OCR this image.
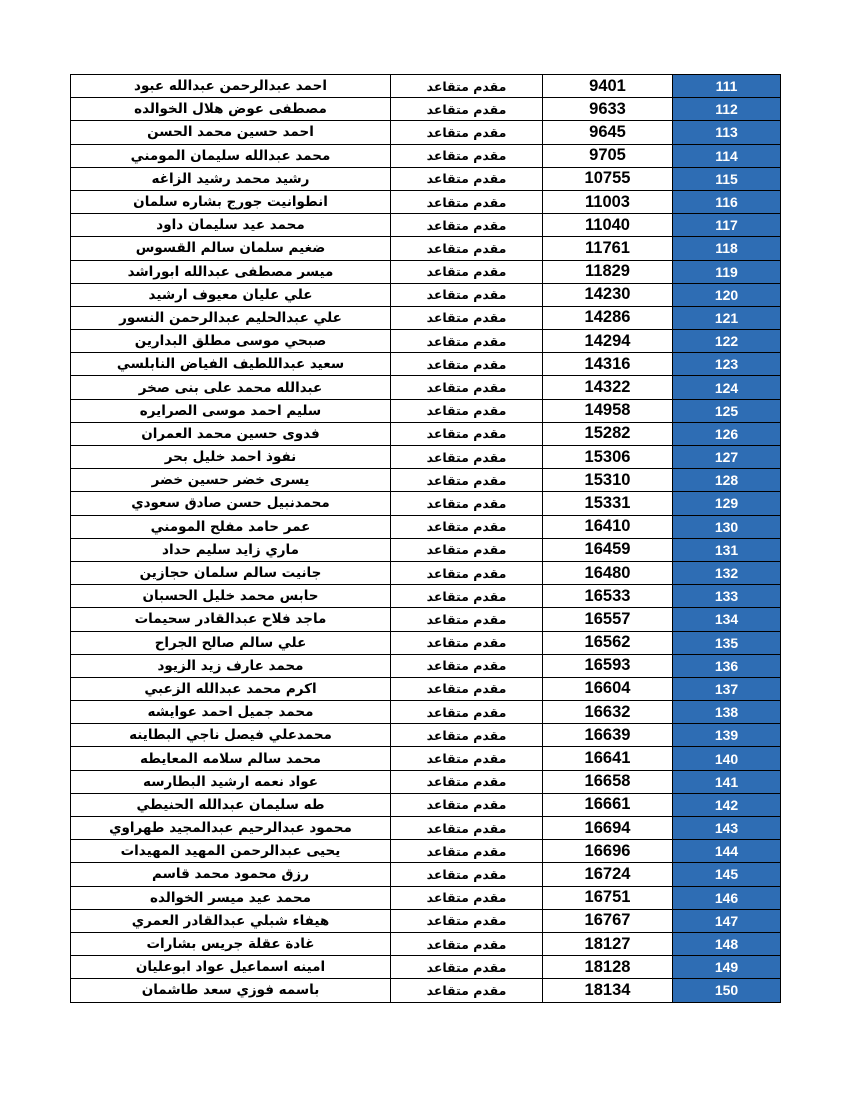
احمد عبدالرحمن عبدالله عبود	مقدم متقاعد	9401	111
مصطفى عوض هلال الخوالده	مقدم متقاعد	9633	112
احمد حسين محمد الحسن	مقدم متقاعد	9645	113
محمد عبدالله سليمان المومني	مقدم متقاعد	9705	114
رشيد محمد رشيد الزاغه	مقدم متقاعد	10755	115
انطوانيت جورج بشاره سلمان	مقدم متقاعد	11003	116
محمد عيد سليمان داود	مقدم متقاعد	11040	117
ضغيم سلمان سالم القسوس	مقدم متقاعد	11761	118
ميسر مصطفى عبدالله ابوراشد	مقدم متقاعد	11829	119
علي عليان معيوف ارشيد	مقدم متقاعد	14230	120
علي عبدالحليم عبدالرحمن النسور	مقدم متقاعد	14286	121
صبحي موسى مطلق البدارين	مقدم متقاعد	14294	122
سعيد عبداللطيف الفياض النابلسي	مقدم متقاعد	14316	123
عبدالله محمد على بنى صخر	مقدم متقاعد	14322	124
سليم احمد موسى الصرايره	مقدم متقاعد	14958	125
فدوى حسين محمد العمران	مقدم متقاعد	15282	126
نفوذ احمد خليل بحر	مقدم متقاعد	15306	127
يسرى خضر حسين خضر	مقدم متقاعد	15310	128
محمدنبيل حسن صادق سعودي	مقدم متقاعد	15331	129
عمر حامد مفلح المومني	مقدم متقاعد	16410	130
ماري زايد سليم حداد	مقدم متقاعد	16459	131
جانيت سالم سلمان حجازين	مقدم متقاعد	16480	132
حابس محمد خليل الحسبان	مقدم متقاعد	16533	133
ماجد فلاح عبدالقادر سحيمات	مقدم متقاعد	16557	134
علي سالم صالح الجراح	مقدم متقاعد	16562	135
محمد عارف زيد الزيود	مقدم متقاعد	16593	136
اكرم محمد عبدالله الزعبي	مقدم متقاعد	16604	137
محمد جميل احمد عوايشه	مقدم متقاعد	16632	138
محمدعلي فيصل ناجي البطاينه	مقدم متقاعد	16639	139
محمد سالم سلامه المعايطه	مقدم متقاعد	16641	140
عواد نعمه ارشيد البطارسه	مقدم متقاعد	16658	141
طه سليمان عبدالله الحنيطي	مقدم متقاعد	16661	142
محمود عبدالرحيم عبدالمجيد طهراوي	مقدم متقاعد	16694	143
يحيى عبدالرحمن المهيد المهيدات	مقدم متقاعد	16696	144
رزق محمود محمد قاسم	مقدم متقاعد	16724	145
محمد عيد ميسر الخوالده	مقدم متقاعد	16751	146
هيفاء شبلي عبدالقادر العمري	مقدم متقاعد	16767	147
غادة عقلة جريس بشارات	مقدم متقاعد	18127	148
امينه اسماعيل عواد ابوعليان	مقدم متقاعد	18128	149
باسمه فوزي سعد طاشمان	مقدم متقاعد	18134	150
